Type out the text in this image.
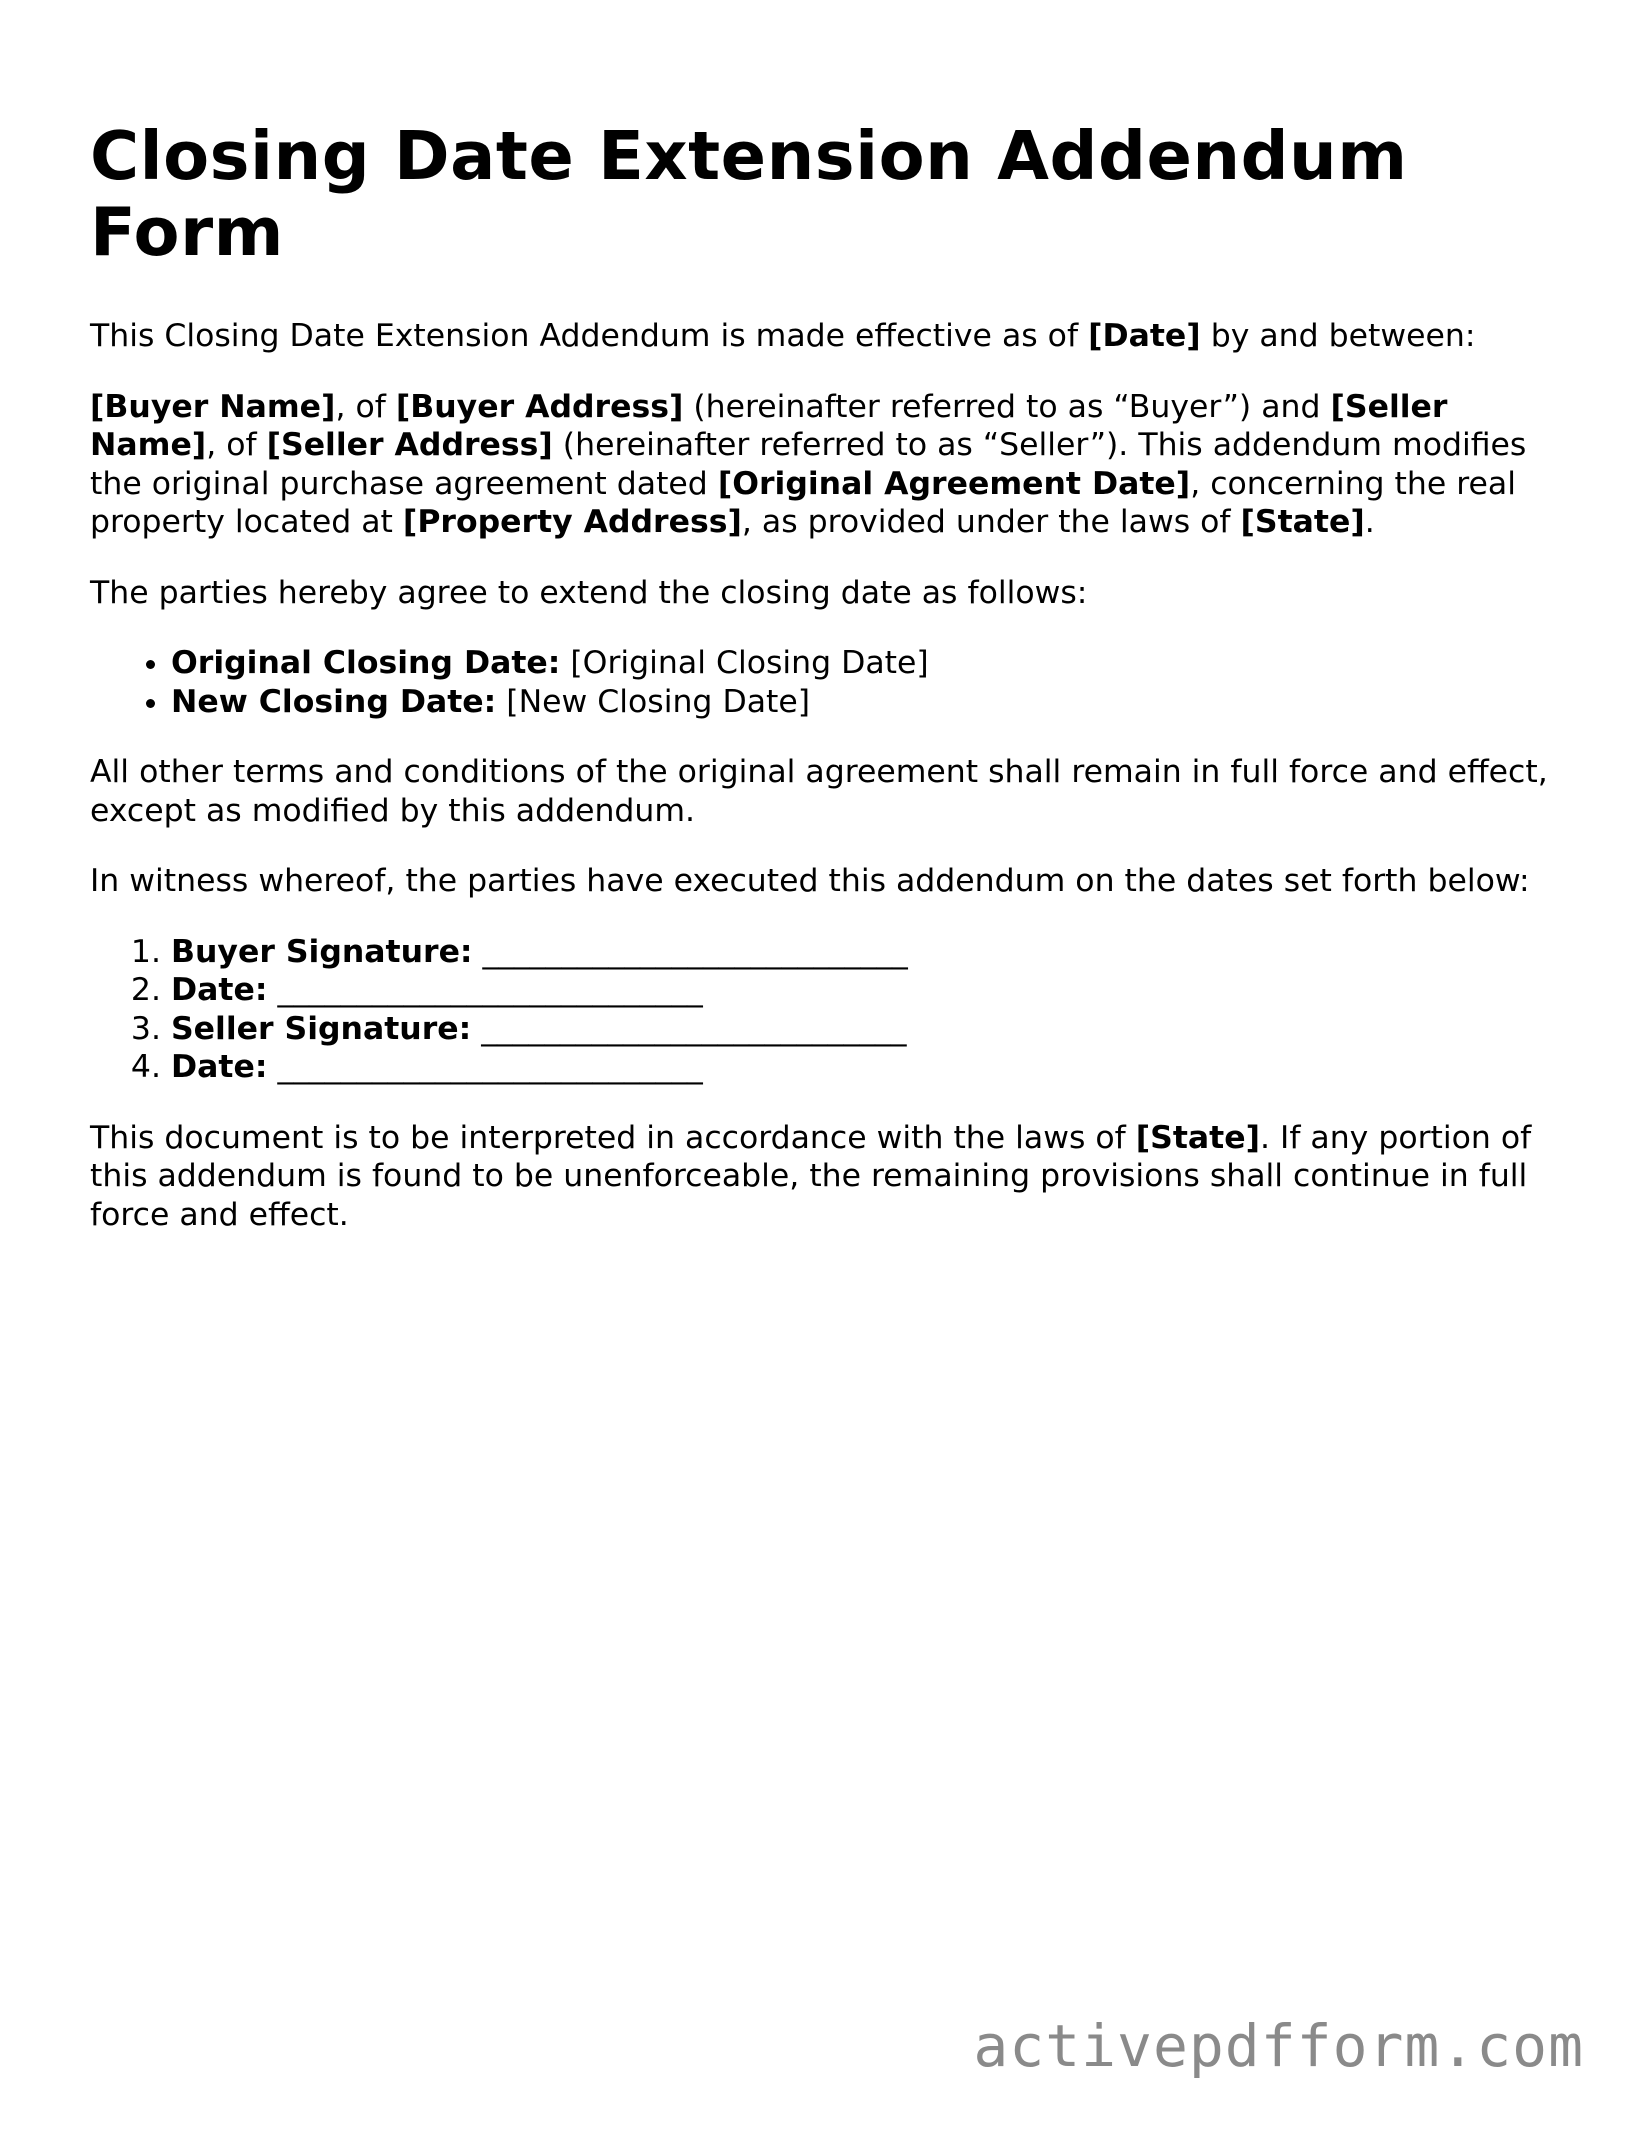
Closing Date Extension Addendum Form

This Closing Date Extension Addendum is made effective as of [Date] by and between:

[Buyer Name], of [Buyer Address] (hereinafter referred to as “Buyer”) and [Seller Name], of [Seller Address] (hereinafter referred to as “Seller”). This addendum modifies the original purchase agreement dated [Original Agreement Date], concerning the real property located at [Property Address], as provided under the laws of [State].

The parties hereby agree to extend the closing date as follows:

• Original Closing Date: [Original Closing Date]
• New Closing Date: [New Closing Date]

All other terms and conditions of the original agreement shall remain in full force and effect, except as modified by this addendum.

In witness whereof, the parties have executed this addendum on the dates set forth below:

1. Buyer Signature: ___________________________
2. Date: ___________________________
3. Seller Signature: ___________________________
4. Date: ___________________________

This document is to be interpreted in accordance with the laws of [State]. If any portion of this addendum is found to be unenforceable, the remaining provisions shall continue in full force and effect.

activepdfform.com
